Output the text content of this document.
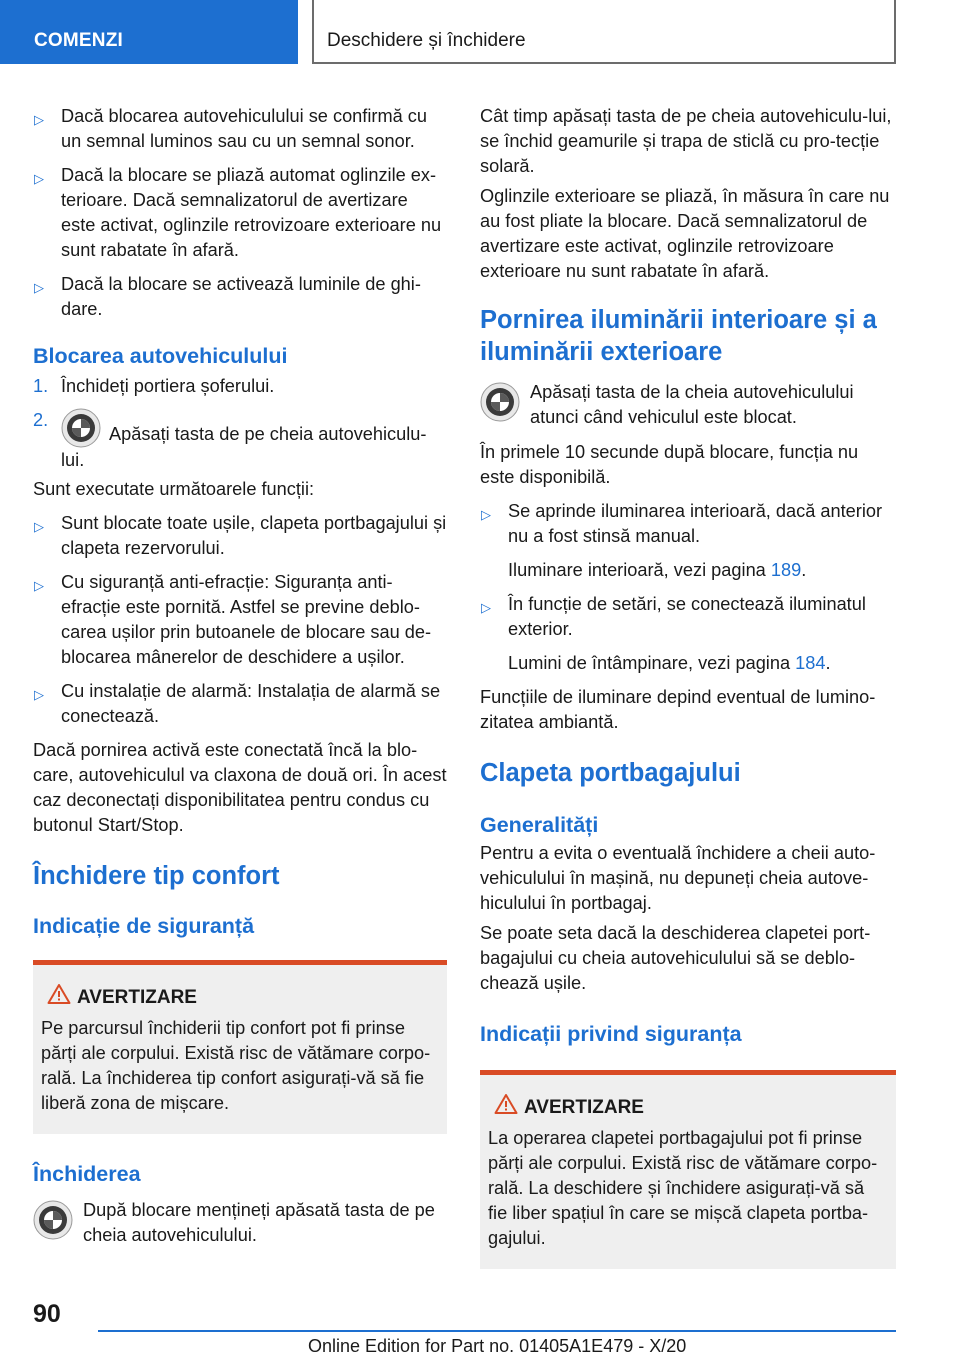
COMENZI	Deschidere și închidere
▷ Dacă blocarea autovehiculului se confirmă cu un semnal luminos sau cu un semnal sonor.
▷ Dacă la blocare se pliază automat oglinzile ex‐terioare. Dacă semnalizatorul de avertizare este activat, oglinzile retrovizoare exterioare nu sunt rabatate în afară.
▷ Dacă la blocare se activează luminile de ghi‐dare.
Blocarea autovehiculului
1. Închideți portiera șoferului.
2.
Apăsați tasta de pe cheia autovehiculu‐lui.
Sunt executate următoarele funcții:
▷ Sunt blocate toate ușile, clapeta portbagajului și clapeta rezervorului.
▷ Cu siguranță anti-efracție: Siguranța anti-efracție este pornită. Astfel se previne deblo‐carea ușilor prin butoanele de blocare sau de‐blocarea mânerelor de deschidere a ușilor.
▷ Cu instalație de alarmă: Instalația de alarmă se conectează.
Dacă pornirea activă este conectată încă la blo‐care, autovehiculul va claxona de două ori. În acest caz deconectați disponibilitatea pentru condus cu butonul Start/Stop.
Închidere tip confort
Indicație de siguranță
AVERTIZARE
Pe parcursul închiderii tip confort pot fi prinse părți ale corpului. Există risc de vătămare corpo‐rală. La închiderea tip confort asigurați-vă să fie liberă zona de mișcare.
Închiderea
După blocare mențineți apăsată tasta de pe cheia autovehiculului.
Cât timp apăsați tasta de pe cheia autovehiculu‐lui, se închid geamurile și trapa de sticlă cu pro‐tecție solară.
Oglinzile exterioare se pliază, în măsura în care nu au fost pliate la blocare. Dacă semnalizatorul de avertizare este activat, oglinzile retrovizoare exterioare nu sunt rabatate în afară.
Pornirea iluminării interioare și a iluminării exterioare
Apăsați tasta de la cheia autovehiculului atunci când vehiculul este blocat.
În primele 10 secunde după blocare, funcția nu este disponibilă.
▷ Se aprinde iluminarea interioară, dacă anterior nu a fost stinsă manual.
Iluminare interioară, vezi pagina 189.
▷ În funcție de setări, se conectează iluminatul exterior.
Lumini de întâmpinare, vezi pagina 184.
Funcțiile de iluminare depind eventual de lumino‐zitatea ambiantă.
Clapeta portbagajului
Generalități
Pentru a evita o eventuală închidere a cheii auto‐vehiculului în mașină, nu depuneți cheia autove‐hiculului în portbagaj.
Se poate seta dacă la deschiderea clapetei port‐bagajului cu cheia autovehiculului să se deblo‐chează ușile.
Indicații privind siguranța
AVERTIZARE
La operarea clapetei portbagajului pot fi prinse părți ale corpului. Există risc de vătămare corpo‐rală. La deschidere și închidere asigurați-vă să fie liber spațiul în care se mișcă clapeta portba‐gajului.
90
Online Edition for Part no. 01405A1E479 - X/20
